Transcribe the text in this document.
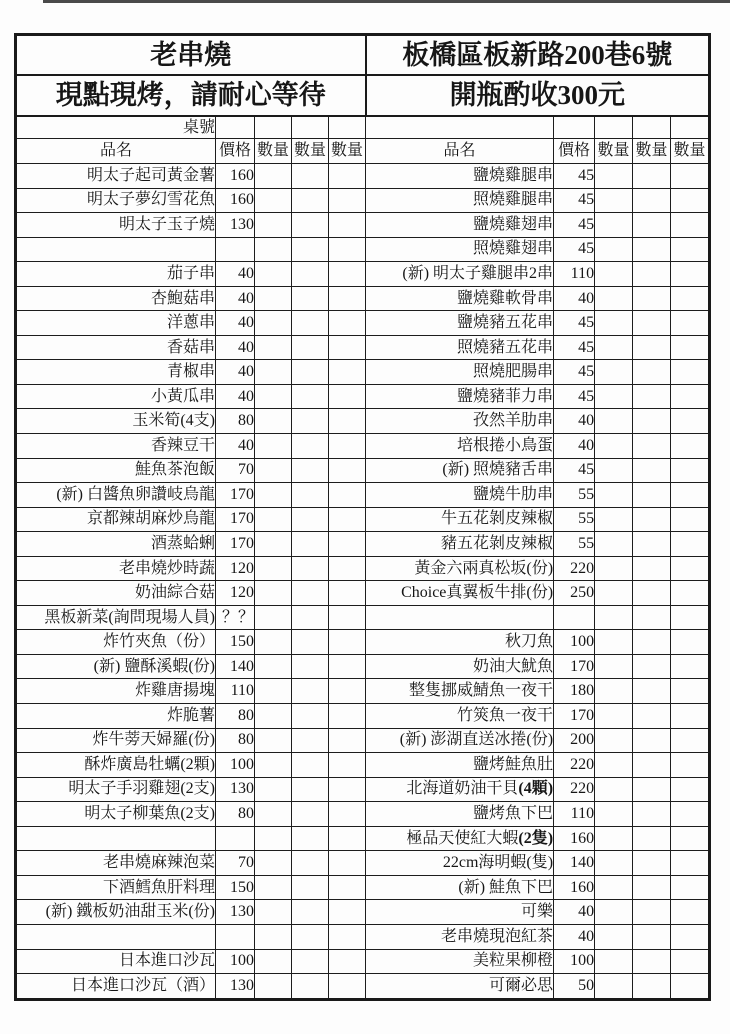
老串燒					板橋區板新路200巷6號				
現點現烤，請耐心等待					開瓶酌收300元				
桌號									
品名	價格	數量	數量	數量	品名	價格	數量	數量	數量
明太子起司黃金薯	160				鹽燒雞腿串	45			
明太子夢幻雪花魚	160				照燒雞腿串	45			
明太子玉子燒	130				鹽燒雞翅串	45			
					照燒雞翅串	45			
茄子串	40				(新) 明太子雞腿串2串	110			
杏鮑菇串	40				鹽燒雞軟骨串	40			
洋蔥串	40				鹽燒豬五花串	45			
香菇串	40				照燒豬五花串	45			
青椒串	40				照燒肥腸串	45			
小黃瓜串	40				鹽燒豬菲力串	45			
玉米筍(4支)	80				孜然羊肋串	40			
香辣豆干	40				培根捲小鳥蛋	40			
鮭魚茶泡飯	70				(新) 照燒豬舌串	45			
(新) 白醬魚卵讚岐烏龍	170				鹽燒牛肋串	55			
京都辣胡麻炒烏龍	170				牛五花剝皮辣椒	55			
酒蒸蛤蜊	170				豬五花剝皮辣椒	55			
老串燒炒時蔬	120				黃金六兩真松坂(份)	220			
奶油綜合菇	120				Choice真翼板牛排(份)	250			
黑板新菜(詢問現場人員)	？？								
炸竹夾魚（份）	150				秋刀魚	100			
(新) 鹽酥溪蝦(份)	140				奶油大魷魚	170			
炸雞唐揚塊	110				整隻挪威鯖魚一夜干	180			
炸脆薯	80				竹筴魚一夜干	170			
炸牛蒡天婦羅(份)	80				(新) 澎湖直送冰捲(份)	200			
酥炸廣島牡蠣(2顆)	100				鹽烤鮭魚肚	220			
明太子手羽雞翅(2支)	130				北海道奶油干貝(4顆)	220			
明太子柳葉魚(2支)	80				鹽烤魚下巴	110			
					極品天使紅大蝦(2隻)	160			
老串燒麻辣泡菜	70				22cm海明蝦(隻)	140			
下酒鱈魚肝料理	150				(新) 鮭魚下巴	160			
(新) 鐵板奶油甜玉米(份)	130				可樂	40			
					老串燒現泡紅茶	40			
日本進口沙瓦	100				美粒果柳橙	100			
日本進口沙瓦（酒）	130				可爾必思	50			
